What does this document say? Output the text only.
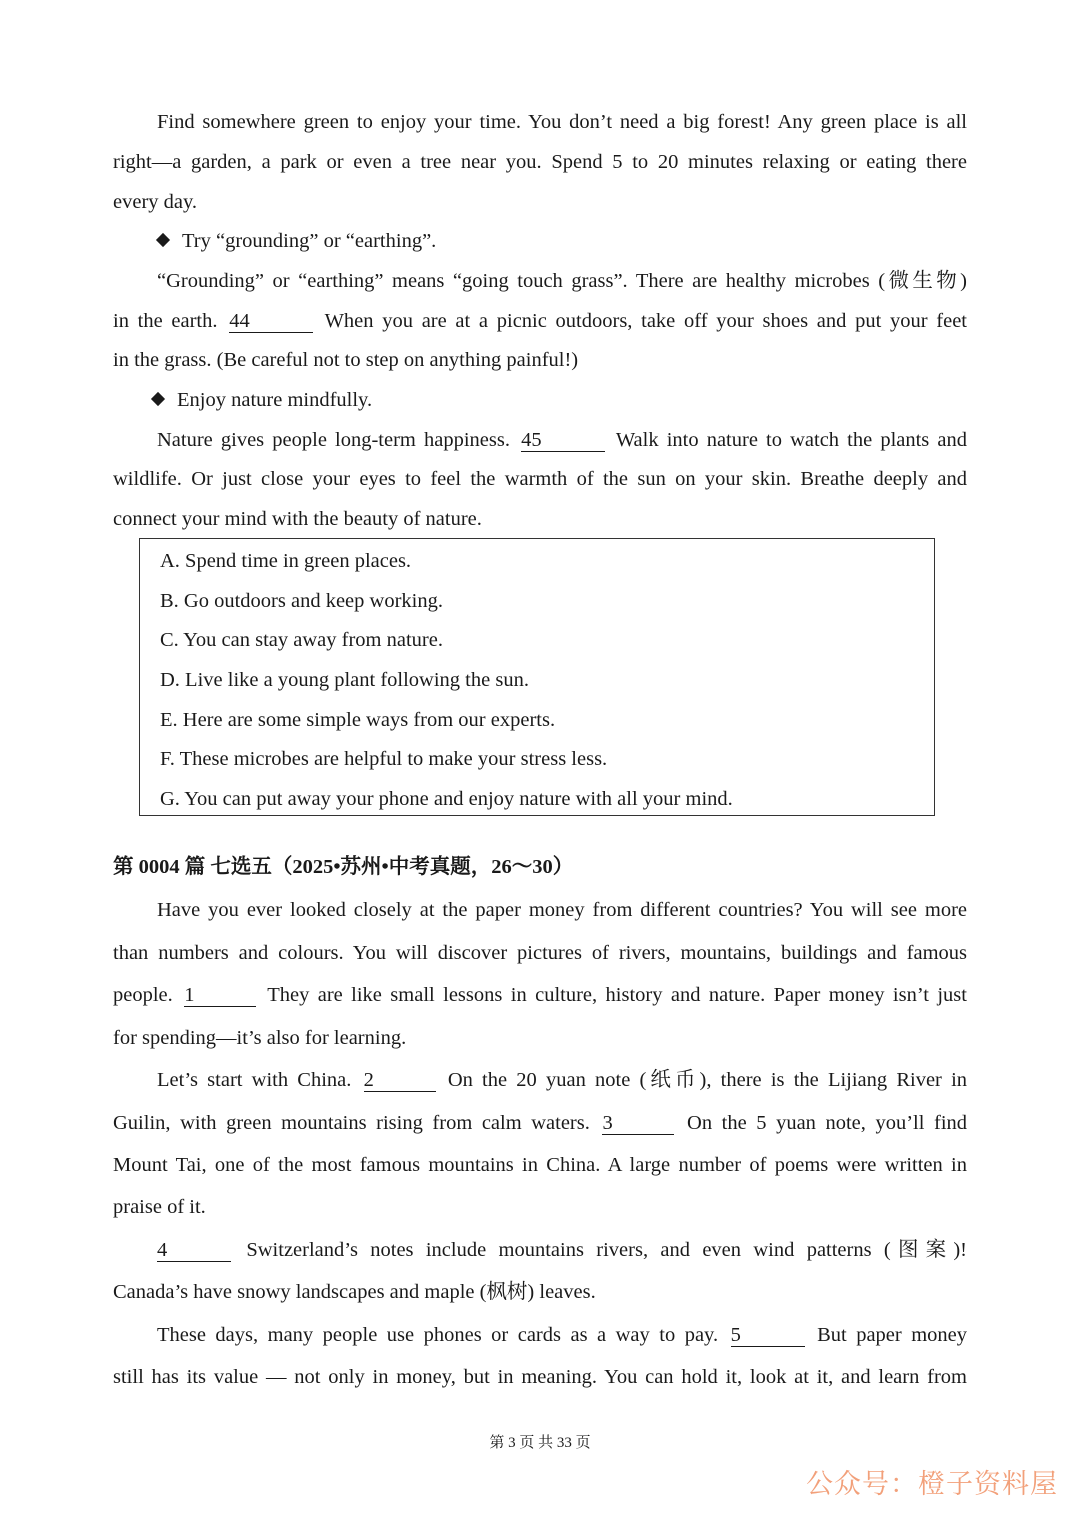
Find somewhere green to enjoy your time. You don’t need a big forest! Any green place is all
right—a garden, a park or even a tree near you. Spend 5 to 20 minutes relaxing or eating there
every day.
Try “grounding” or “earthing”.
“Grounding” or “earthing” means “going touch grass”. There are healthy microbes (微生物)
in the earth. 44	When you are at a picnic outdoors, take off your shoes and put your feet
in the grass. (Be careful not to step on anything painful!)
Enjoy nature mindfully.
Nature gives people long-term happiness. 45	Walk into nature to watch the plants and
wildlife. Or just close your eyes to feel the warmth of the sun on your skin. Breathe deeply and
connect your mind with the beauty of nature.
A. Spend time in green places.
B. Go outdoors and keep working.
C. You can stay away from nature.
D. Live like a young plant following the sun.
E. Here are some simple ways from our experts.
F. These microbes are helpful to make your stress less.
G. You can put away your phone and enjoy nature with all your mind.
第 0004 篇 七选五（2025•苏州•中考真题，26～30）
Have you ever looked closely at the paper money from different countries? You will see more
than numbers and colours. You will discover pictures of rivers, mountains, buildings and famous
people. 1	They are like small lessons in culture, history and nature. Paper money isn’t just
for spending—it’s also for learning.
Let’s start with China. 2	On the 20 yuan note (纸币), there is the Lijiang River in
Guilin, with green mountains rising from calm waters. 3	On the 5 yuan note, you’ll find
Mount Tai, one of the most famous mountains in China. A large number of poems were written in
praise of it.
4	Switzerland’s notes include mountains rivers, and even wind patterns (图案)!
Canada’s have snowy landscapes and maple (枫树) leaves.
These days, many people use phones or cards as a way to pay. 5	But paper money
still has its value — not only in money, but in meaning. You can hold it, look at it, and learn from
第 3 页 共 33 页
公众号：橙子资料屋
